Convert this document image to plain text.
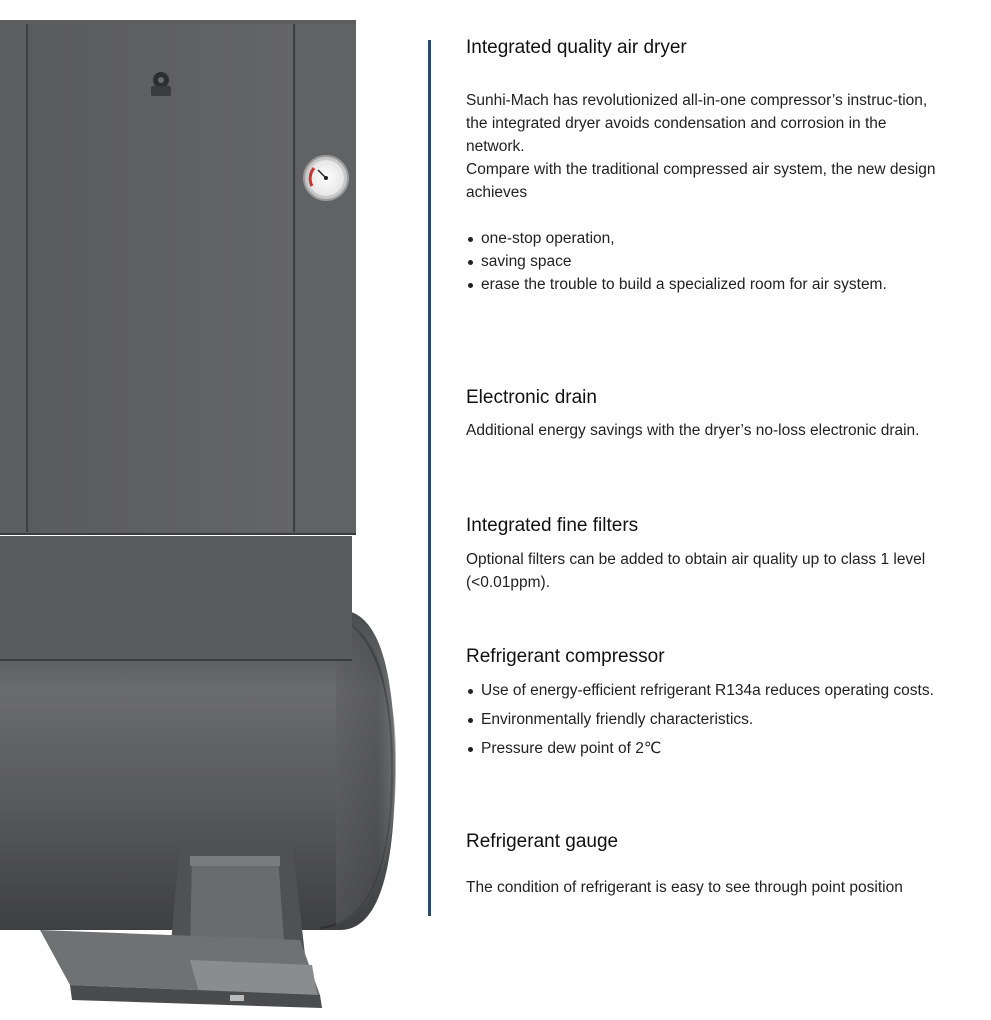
Integrated quality air dryer

Sunhi-Mach has revolutionized all-in-one compressor’s instruc-tion, the integrated dryer avoids condensation and corrosion in the network.

Compare with the traditional compressed air system, the new design achieves

one-stop operation,
saving space
erase the trouble to build a specialized room for air system.
Electronic drain

Additional energy savings with the dryer’s no-loss electronic drain.

Integrated fine filters

Optional filters can be added to obtain air quality up to class 1 level (<0.01ppm).

Refrigerant compressor
Use of energy-efficient refrigerant R134a reduces operating costs.
Environmentally friendly characteristics.
Pressure dew point of 2℃
Refrigerant gauge

The condition of refrigerant is easy to see through point position
